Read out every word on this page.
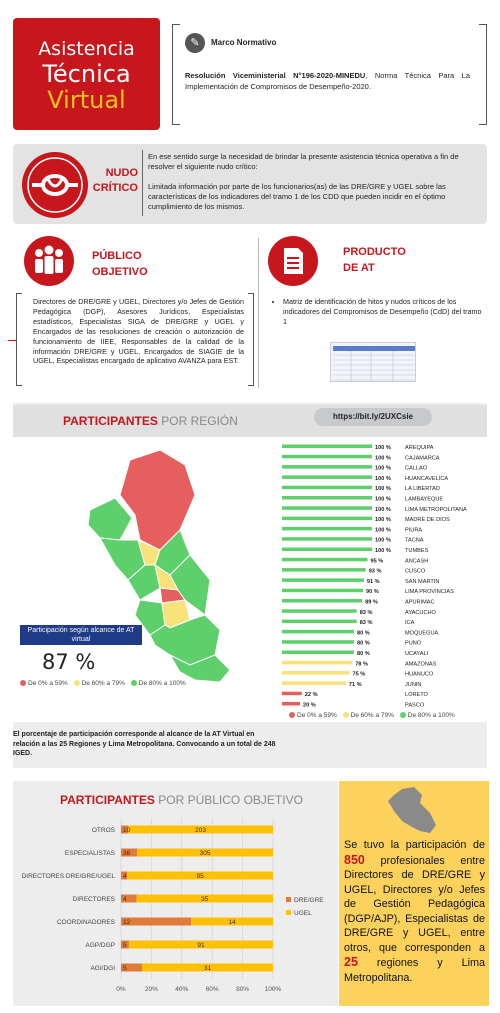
Asistencia
Técnica
Virtual
✎	Marco Normativo
Resolución Viceministerial N°196-2020-MINEDU, Norma Técnica Para La Implementación de Compromisos de Desempeño-2020.
NUDO
CRÍTICO
En ese sentido surge la necesidad de brindar la presente asistencia técnica operativa a fin de resolver el siguiente nudo crítico:
Limitada información por parte de los funcionarios(as) de las DRE/GRE y UGEL sobre las características de los indicadores del tramo 1 de los CDD que pueden incidir en el óptimo cumplimiento de los mismos.
PÚBLICO
OBJETIVO
Directores de DRE/GRE y UGEL, Directores y/o Jefes de Gestión Pedagógica (DGP), Asesores Jurídicos, Especialistas estadísticos, Especialistas SIGA de DRE/GRE y UGEL y Encargados de las resoluciones de creación o autorización de funcionamiento de IIEE, Responsables de la calidad de la información DRE/GRE y UGEL, Encargados de SIAGIE de la UGEL, Especialistas encargado de aplicativo AVANZA para EST.
PRODUCTO
DE AT
• Matriz de identificación de hitos y nudos críticos de los indicadores del Compromisos de Desempeño (CdD) del tramo 1
PARTICIPANTES POR REGIÓN	https://bit.ly/2UXCsie
Participación según alcance de AT virtual
87 %
De 0% a 59% De 60% a 79% De 80% a 100%
100 %	AREQUIPA
100 %	CAJAMARCA
100 %	CALLAO
100 %	HUANCAVELICA
100 %	LA LIBERTAD
100 %	LAMBAYEQUE
100 %	LIMA METROPOLITANA
100 %	MADRE DE DIOS
100 %	PIURA
100 %	TACNA
100 %	TUMBES
95 %	ANCASH
93 %	CUSCO
91 %	SAN MARTIN
90 %	LIMA PROVINCIAS
89 %	APURIMAC
83 %	AYACUCHO
83 %	ICA
80 %	MOQUEGUA
80 %	PUNO
80 %	UCAYALI
78 %	AMAZONAS
75 %	HUANUCO
71 %	JUNIN
22 %	LORETO
20 %	PASCO
De 0% a 59% De 60% a 79% De 80% a 100%
El porcentaje de participación corresponde al alcance de la AT Virtual en relación a las 25 Regiones y Lima Metropolitana. Convocando a un total de 248 IGED.
PARTICIPANTES POR PÚBLICO OBJETIVO
0%	20%	40%	60%	80% 100%
OTROS 10	203
ESPECIALISTAS 36	305
DIRECTORES DRE/GRE/UGEL 4	95
DIRECTORES 4	35
COORDINADORES 12	14
AGP/DGP 5	91
AGI/DGI 5	31
DRE/GRE
UGEL
Se tuvo la participación de 850 profesionales entre Directores de DRE/GRE y UGEL, Directores y/o Jefes de Gestión Pedagógica (DGP/AJP), Especialistas de DRE/GRE y UGEL, entre otros, que corresponden a 25 regiones y Lima Metropolitana.
